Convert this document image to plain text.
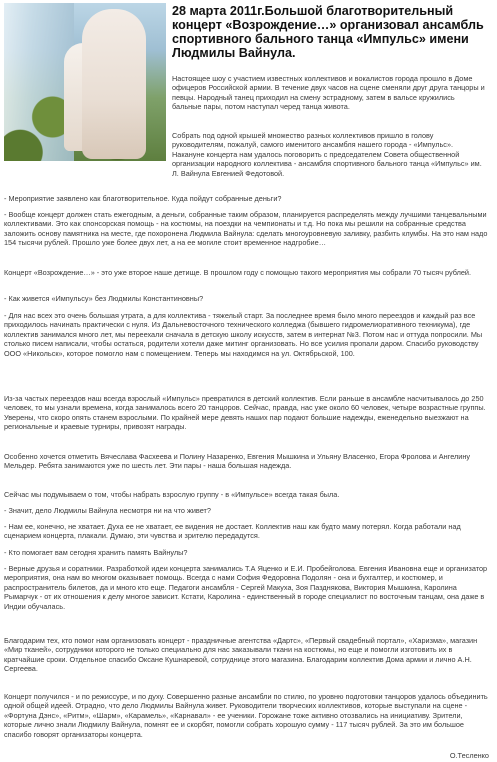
28 марта 2011г.Большой благотворительный концерт «Возрождение…» организовал ансамбль спортивного бального танца «Импульс» имени Людмилы Вайнула.

Настоящее шоу с участием известных коллективов и вокалистов города прошло в Доме офицеров Российской армии. В течение двух часов на сцене сменяли друг друга танцоры и певцы. Народный танец приходил на смену эстрадному, затем в вальсе кружились бальные пары, потом наступал черед танца живота.

Собрать под одной крышей множество разных коллективов пришло в голову руководителям, пожалуй, самого именитого ансамбля нашего города - «Импульс». Накануне концерта нам удалось поговорить с председателем Совета общественной организации народного коллектива - ансамбля спортивного бального танца «Импульс» им. Л. Вайнула Евгенией Федотовой.

- Мероприятие заявлено как благотворительное. Куда пойдут собранные деньги?

- Вообще концерт должен стать ежегодным, а деньги, собранные таким образом, планируется распределять между лучшими танцевальными коллективами. Это как спонсорская помощь - на костюмы, на поездки на чемпионаты и т.д. Но пока мы решили на собранные средства заложить основу памятника на месте, где похоронена Людмила Вайнула: сделать многоуровневую заливку, разбить клумбы. На это нам надо 154 тысячи рублей. Прошло уже более двух лет, а на ее могиле стоит временное надгробие…

Концерт «Возрождение…» - это уже второе наше детище. В прошлом году с помощью такого мероприятия мы собрали 70 тысяч рублей.

- Как живется «Импульсу» без Людмилы Константиновны?

- Для нас всех это очень большая утрата, а для коллектива - тяжелый старт. За последнее время было много переездов и каждый раз все приходилось начинать практически с нуля. Из Дальневосточного технического колледжа (бывшего гидромелиоративного техникума), где коллектив занимался много лет, мы переехали сначала в детскую школу искусств, затем в интернат №3. Потом нас и оттуда попросили. Мы столько писем написали, чтобы остаться, родители хотели даже митинг организовать. Но все усилия пропали даром. Спасибо руководству ООО «Никольск», которое помогло нам с помещением. Теперь мы находимся на ул. Октябрьской, 100.

Из-за частых переездов наш всегда взрослый «Импульс» превратился в детский коллектив. Если раньше в ансамбле насчитывалось до 250 человек, то мы узнали времена, когда занималось всего 20 танцоров. Сейчас, правда, нас уже около 60 человек, четыре возрастные группы. Уверены, что скоро опять станем взрослыми. По крайней мере девять наших пар подают большие надежды, еженедельно выезжают на региональные и краевые турниры, привозят награды.

Особенно хочется отметить Вячеслава Фасхеева и Полину Назаренко, Евгения Мышкина и Ульяну Власенко, Егора Фролова и Ангелину Мельдер. Ребята занимаются уже по шесть лет. Эти пары - наша большая надежда.

Сейчас мы подумываем о том, чтобы набрать взрослую группу - в «Импульсе» всегда такая была.

- Значит, дело Людмилы Вайнула несмотря ни на что живет?

- Нам ее, конечно, не хватает. Духа ее не хватает, ее видения не достает. Коллектив наш как будто маму потерял. Когда работали над сценарием концерта, плакали. Думаю, эти чувства и зрителю передадутся.

- Кто помогает вам сегодня хранить память Вайнулы?

- Верные друзья и соратники. Разработкой идеи концерта занимались Т.А Яценко и Е.И. Пробейголова. Евгения Ивановна еще и организатор мероприятия, она нам во многом оказывает помощь. Всегда с нами София Федоровна Подолян - она и бухгалтер, и костюмер, и распространитель билетов, да и много кто еще. Педагоги ансамбля - Сергей Макуха, Зоя Пазднякова, Виктория Мышкина, Каролина Рымарчук - от их отношения к делу многое зависит. Кстати, Каролина - единственный в городе специалист по восточным танцам, она даже в Индии обучалась.

Благодарим тех, кто помог нам организовать концерт - праздничные агентства «Дартс», «Первый свадебный портал», «Харизма», магазин «Мир тканей», сотрудники которого не только специально для нас заказывали ткани на костюмы, но еще и помогли изготовить их в кратчайшие сроки. Отдельное спасибо Оксане Кушнаревой, сотруднице этого магазина. Благодарим коллектив Дома армии и лично А.Н. Сергеева.

Концерт получился - и по режиссуре, и по духу. Совершенно разные ансамбли по стилю, по уровню подготовки танцоров удалось объединить одной общей идеей. Отрадно, что дело Людмилы Вайнула живет. Руководители творческих коллективов, которые выступали на сцене - «Фортуна Дэнс», «Ритм», «Шарм», «Карамель», «Карнавал» - ее ученики. Горожане тоже активно отозвались на инициативу. Зрители, которые лично знали Людмилу Вайнула, помнят ее и скорбят, помогли собрать хорошую сумму - 117 тысяч рублей. За это им большое спасибо говорят организаторы концерта.

О.Тесленко
